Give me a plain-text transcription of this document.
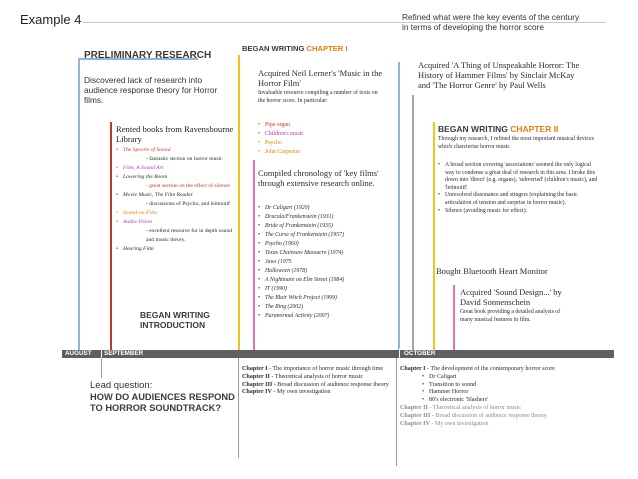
Example 4
PRELIMINARY RESEARCH
Discovered lack of research into audience response theory for Horror films.
Rented books from Ravensbourne Library
• The Spectre of Sound
- fantastic section on horror music
• Film, A Sound Art
• Lowering the Boom
- great section on the effect of silence
• Movie Music, The Film Reader
- discussions of Psycho, and leitmotif
• Sound-on-Film
• Audio-Vision
- excellent resource for in depth sound and music theory.
• Hearing Film
BEGAN WRITING INTRODUCTION
BEGAN WRITING CHAPTER I
Acquired Neil Lerner's 'Music in the Horror Film'
Invaluable resource compiling a number of texts on the horror score. In particular:
• Pipe organ
• Children's music
• Psycho
• John Carpenter
Compiled chronology of 'key films' through extensive research online.
• Dr Caligari (1920)
• Dracula/Frankenstein (1931)
• Bride of Frankenstein (1935)
• The Curse of Frankenstein (1957)
• Psycho (1960)
• Texas Chainsaw Massacre (1974)
• Jaws (1975
• Halloween (1978)
• A Nightmare on Elm Street (1984)
• IT (1990)
• The Blair Witch Project (1999)
• The Ring (2002)
• Paranormal Activity (2007)
Refined what were the key events of the century in terms of developing the horror score
Acquired 'A Thing of Unspeakable Horror: The History of Hammer Films' by Sinclair McKay and 'The Horror Genre' by Paul Wells
BEGAN WRITING CHAPTER II
Through my research, I refined the most important musical devices which charcterise horror music
• A broad section covering 'associations' seemed the only logical way to condense a great deal of research in this area. I broke this down into 'direct' (e.g. organs), 'subverted' (children's music), and 'leitmotif'.
• Unresolved dissonance and stingers (explaining the basic articulation of tension and surprise in horror music).
• Silence (avoiding music for effect).
Bought Bluetooth Heart Monitor
Acquired 'Sound Design...' by David Sonnenschein
Great book providing a detailed analysis of many musical features in film.
AUGUST SEPTEMBER	OCTOBER
Lead question:
HOW DO AUDIENCES RESPOND TO HORROR SOUNDTRACK?
Chapter I - The importance of horror music through time
Chapter II - Theoretical analysis of horror music
Chapter III - Broad discussion of audience response theory
Chapter IV - My own investigation
Chapter I - The development of the contemporary horror score
• Dr Caligari
• Transition to sound
• Hammer Horror
• 80's electronic 'Slashers'
Chapter II - Theoretical analysis of horror music
Chapter III - Broad discussion of audience response theory
Chapter IV - My own investigation
